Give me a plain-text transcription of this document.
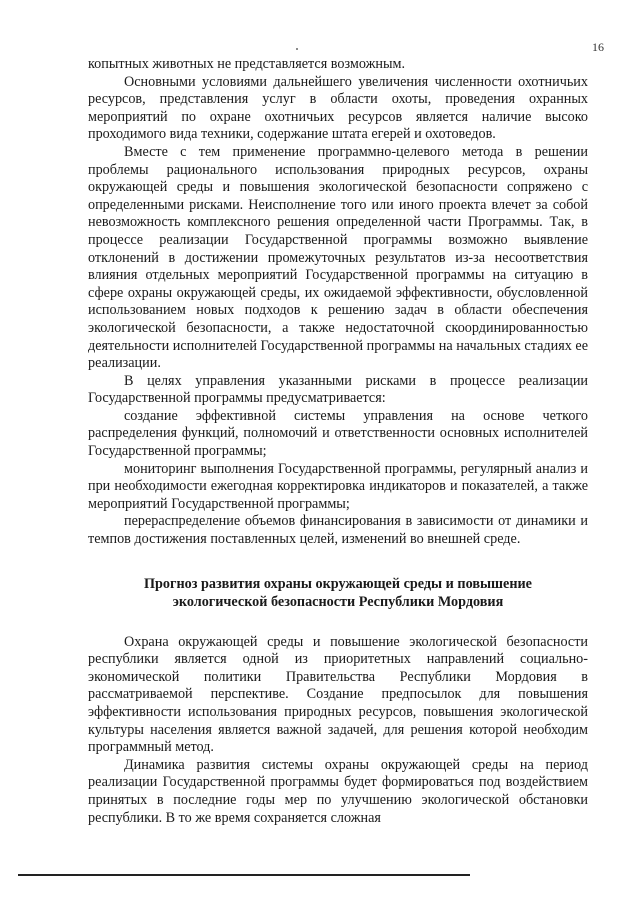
16

копытных животных не представляется возможным.

Основными условиями дальнейшего увеличения численности охотничьих ресурсов, представления услуг в области охоты, проведения охранных мероприятий по охране охотничьих ресурсов является наличие высоко проходимого вида техники, содержание штата егерей и охотоведов.

Вместе с тем применение программно-целевого метода в решении проблемы рационального использования природных ресурсов, охраны окружающей среды и повышения экологической безопасности сопряжено с определенными рисками. Неисполнение того или иного проекта влечет за собой невозможность комплексного решения определенной части Программы. Так, в процессе реализации Государственной программы возможно выявление отклонений в достижении промежуточных результатов из-за несоответствия влияния отдельных мероприятий Государственной программы на ситуацию в сфере охраны окружающей среды, их ожидаемой эффективности, обусловленной использованием новых подходов к решению задач в области обеспечения экологической безопасности, а также недостаточной скоординированностью деятельности исполнителей Государственной программы на начальных стадиях ее реализации.

В целях управления указанными рисками в процессе реализации Государственной программы предусматривается:

создание эффективной системы управления на основе четкого распределения функций, полномочий и ответственности основных исполнителей Государственной программы;

мониторинг выполнения Государственной программы, регулярный анализ и при необходимости ежегодная корректировка индикаторов и показателей, а также мероприятий Государственной программы;

перераспределение объемов финансирования в зависимости от динамики и темпов достижения поставленных целей, изменений во внешней среде.

Прогноз развития охраны окружающей среды и повышение
экологической безопасности Республики Мордовия

Охрана окружающей среды и повышение экологической безопасности республики является одной из приоритетных направлений социально-экономической политики Правительства Республики Мордовия в рассматриваемой перспективе. Создание предпосылок для повышения эффективности использования природных ресурсов, повышения экологической культуры населения является важной задачей, для решения которой необходим программный метод.

Динамика развития системы охраны окружающей среды на период реализации Государственной программы будет формироваться под воздействием принятых в последние годы мер по улучшению экологической обстановки республики. В то же время сохраняется сложная
